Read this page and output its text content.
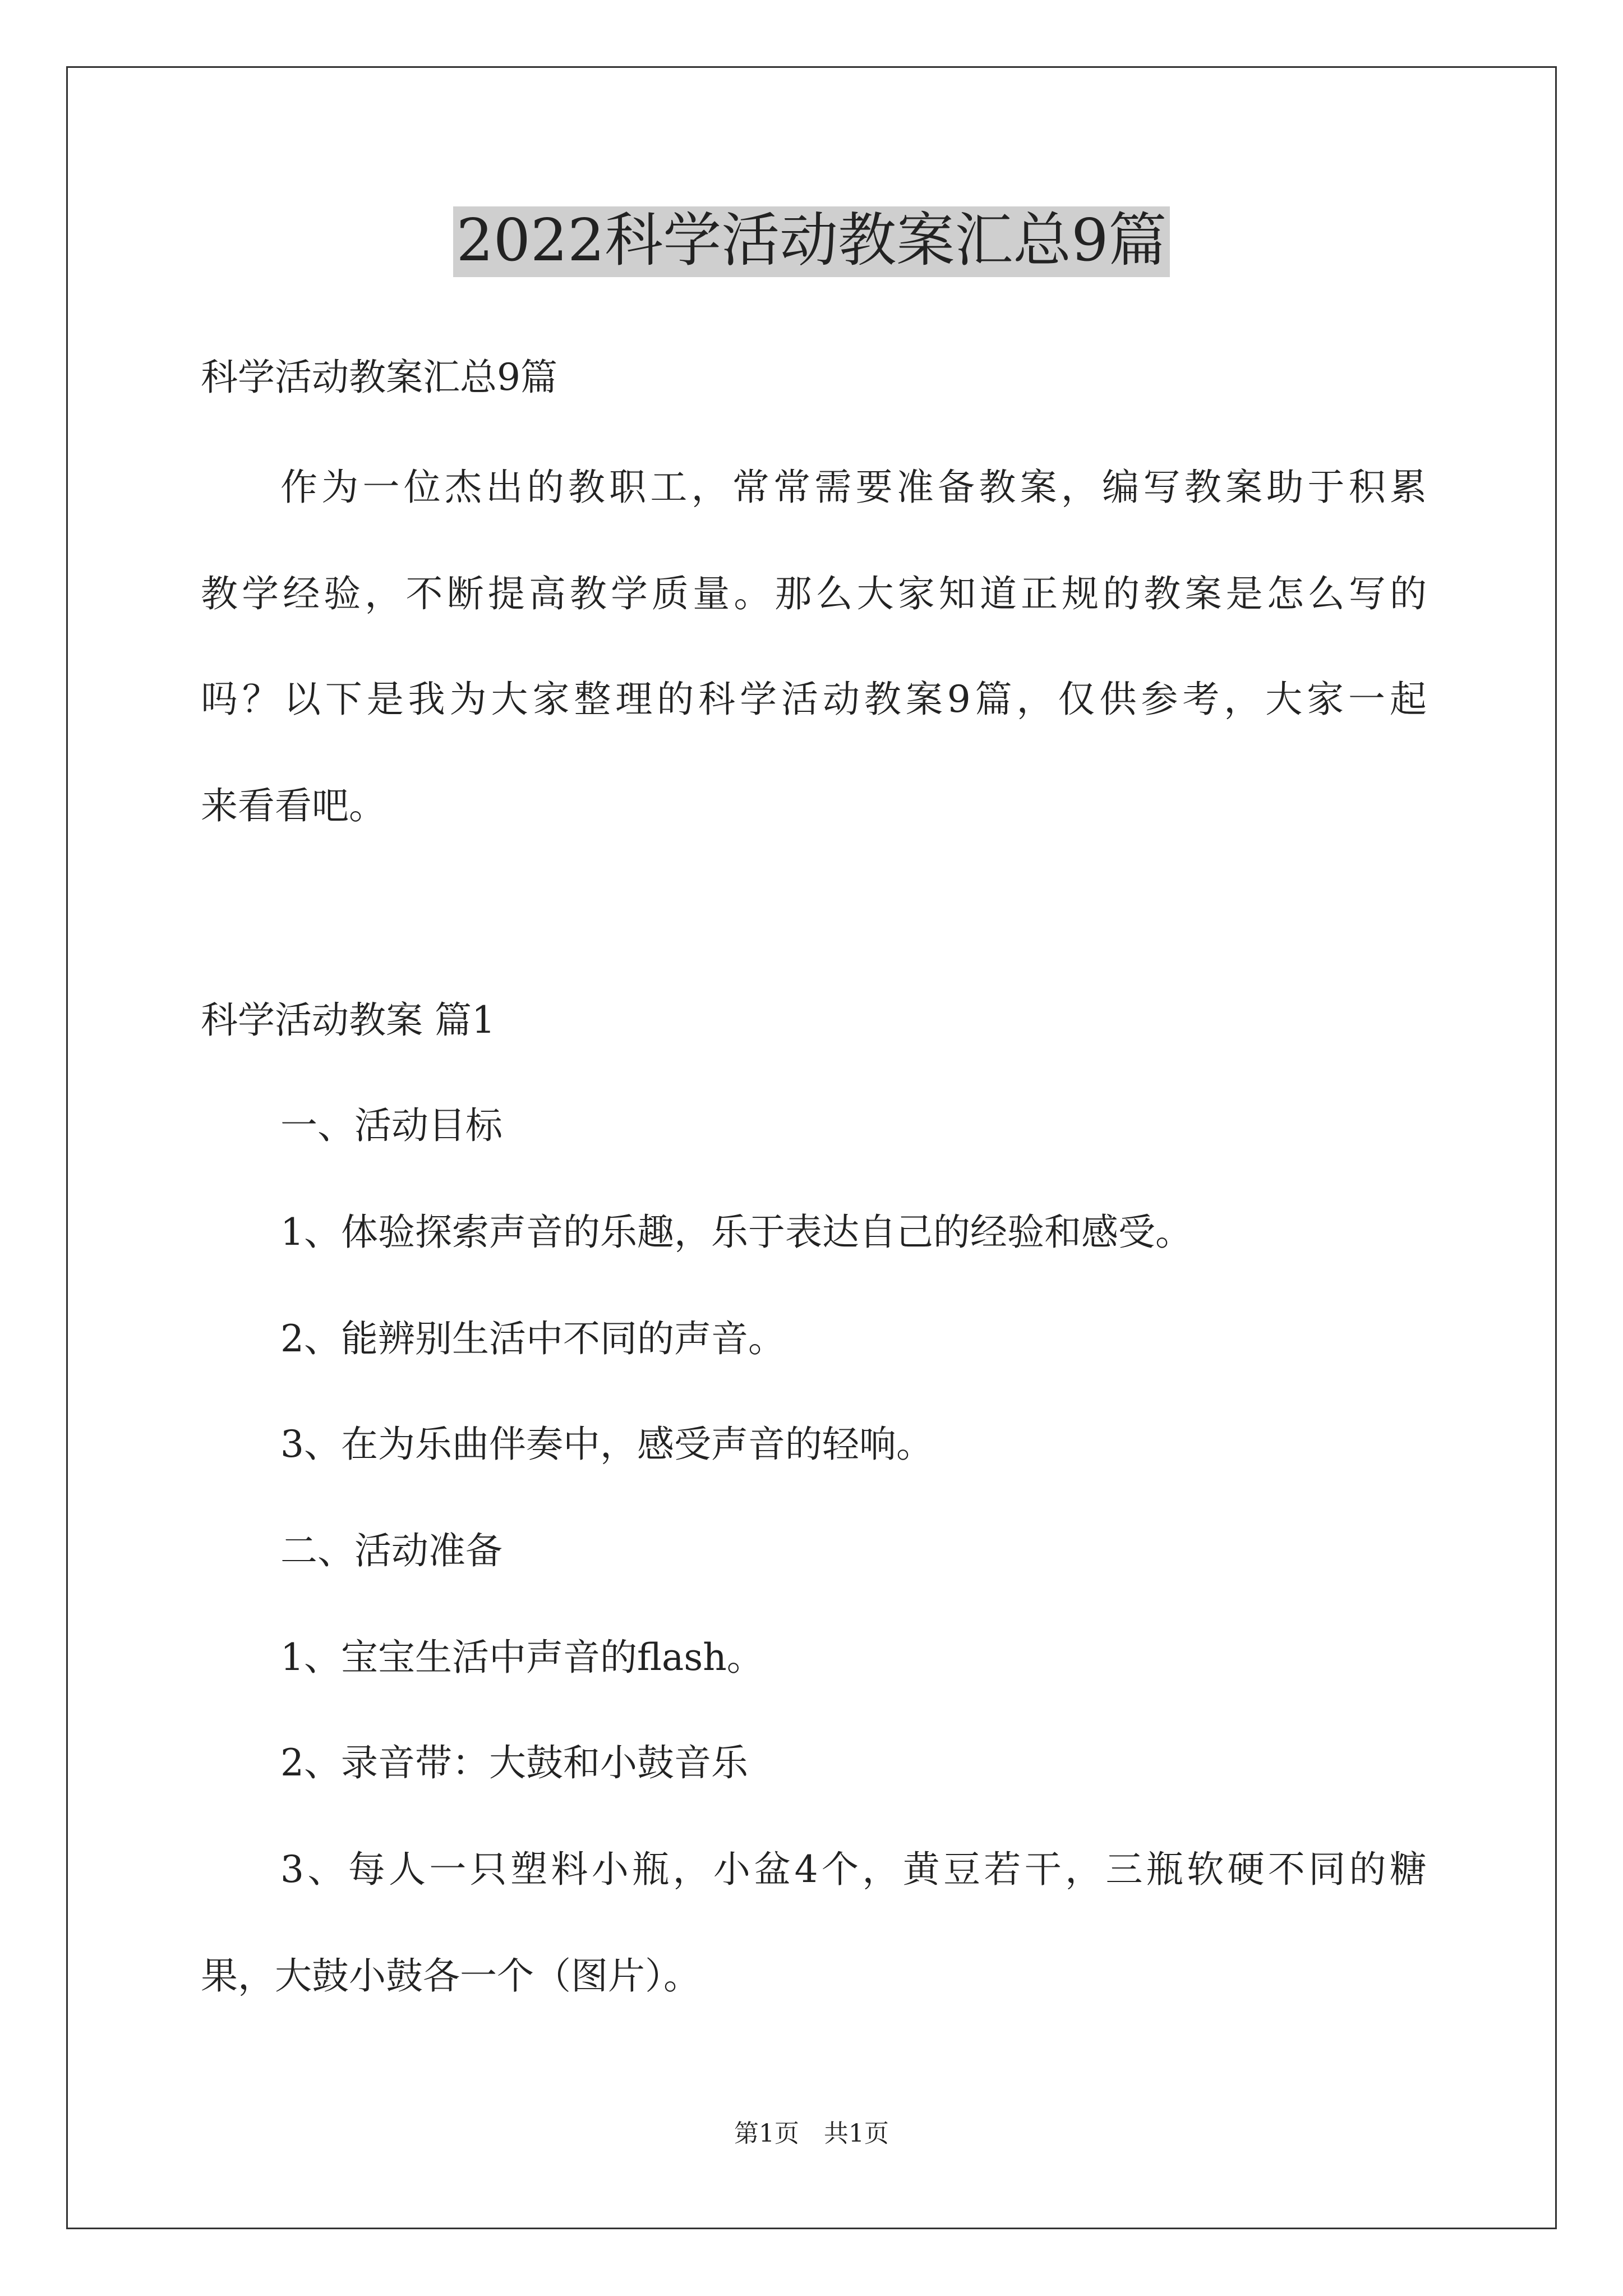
2022科学活动教案汇总9篇
科学活动教案汇总9篇
作为一位杰出的教职工，常常需要准备教案，编写教案助于积累
教学经验，不断提高教学质量。那么大家知道正规的教案是怎么写的
吗？以下是我为大家整理的科学活动教案9篇，仅供参考，大家一起
来看看吧。
科学活动教案 篇1
一、活动目标
1、体验探索声音的乐趣，乐于表达自己的经验和感受。
2、能辨别生活中不同的声音。
3、在为乐曲伴奏中，感受声音的轻响。
二、活动准备
1、宝宝生活中声音的flash。
2、录音带：大鼓和小鼓音乐
3、每人一只塑料小瓶，小盆4个，黄豆若干，三瓶软硬不同的糖
果，大鼓小鼓各一个（图片）。
第1页　共1页
